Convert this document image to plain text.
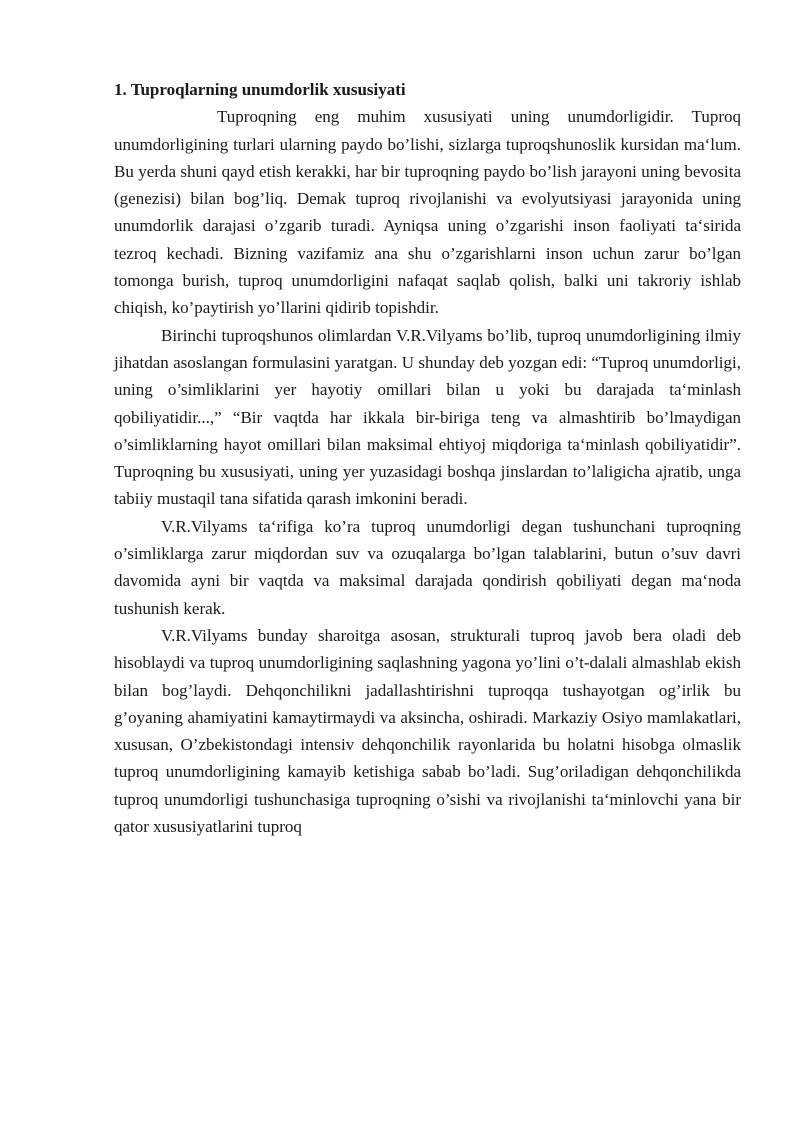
1. Tuproqlarning unumdorlik xususiyati

Tuproqning eng muhim xususiyati uning unumdorligidir. Tuproq unumdorligining turlari ularning paydo bo’lishi, sizlarga tuproqshunoslik kursidan ma‘lum. Bu yerda shuni qayd etish kerakki, har bir tuproqning paydo bo’lish jarayoni uning bevosita (genezisi) bilan bog’liq. Demak tuproq rivojlanishi va evolyutsiyasi jarayonida uning unumdorlik darajasi o’zgarib turadi. Ayniqsa uning o’zgarishi inson faoliyati ta‘sirida tezroq kechadi. Bizning vazifamiz ana shu o’zgarishlarni inson uchun zarur bo’lgan tomonga burish, tuproq unumdorligini nafaqat saqlab qolish, balki uni takroriy ishlab chiqish, ko’paytirish yo’llarini qidirib topishdir.

Birinchi tuproqshunos olimlardan V.R.Vilyams bo’lib, tuproq unumdorligining ilmiy jihatdan asoslangan formulasini yaratgan. U shunday deb yozgan edi: “Tuproq unumdorligi, uning o’simliklarini yer hayotiy omillari bilan u yoki bu darajada ta‘minlash qobiliyatidir...,” “Bir vaqtda har ikkala bir-biriga teng va almashtirib bo’lmaydigan o’simliklarning hayot omillari bilan maksimal ehtiyoj miqdoriga ta‘minlash qobiliyatidir”. Tuproqning bu xususiyati, uning yer yuzasidagi boshqa jinslardan to’laligicha ajratib, unga tabiiy mustaqil tana sifatida qarash imkonini beradi.

V.R.Vilyams ta‘rifiga ko’ra tuproq unumdorligi degan tushunchani tuproqning o’simliklarga zarur miqdordan suv va ozuqalarga bo’lgan talablarini, butun o’suv davri davomida ayni bir vaqtda va maksimal darajada qondirish qobiliyati degan ma‘noda tushunish kerak.

V.R.Vilyams bunday sharoitga asosan, strukturali tuproq javob bera oladi deb hisoblaydi va tuproq unumdorligining saqlashning yagona yo’lini o’t-dalali almashlab ekish bilan bog’laydi. Dehqonchilikni jadallashtirishni tuproqqa tushayotgan og’irlik bu g’oyaning ahamiyatini kamaytirmaydi va aksincha, oshiradi. Markaziy Osiyo mamlakatlari, xususan, O’zbekistondagi intensiv dehqonchilik rayonlarida bu holatni hisobga olmaslik tuproq unumdorligining kamayib ketishiga sabab bo’ladi. Sug’oriladigan dehqonchilikda tuproq unumdorligi tushunchasiga tuproqning o’sishi va rivojlanishi ta‘minlovchi yana bir qator xususiyatlarini tuproq
